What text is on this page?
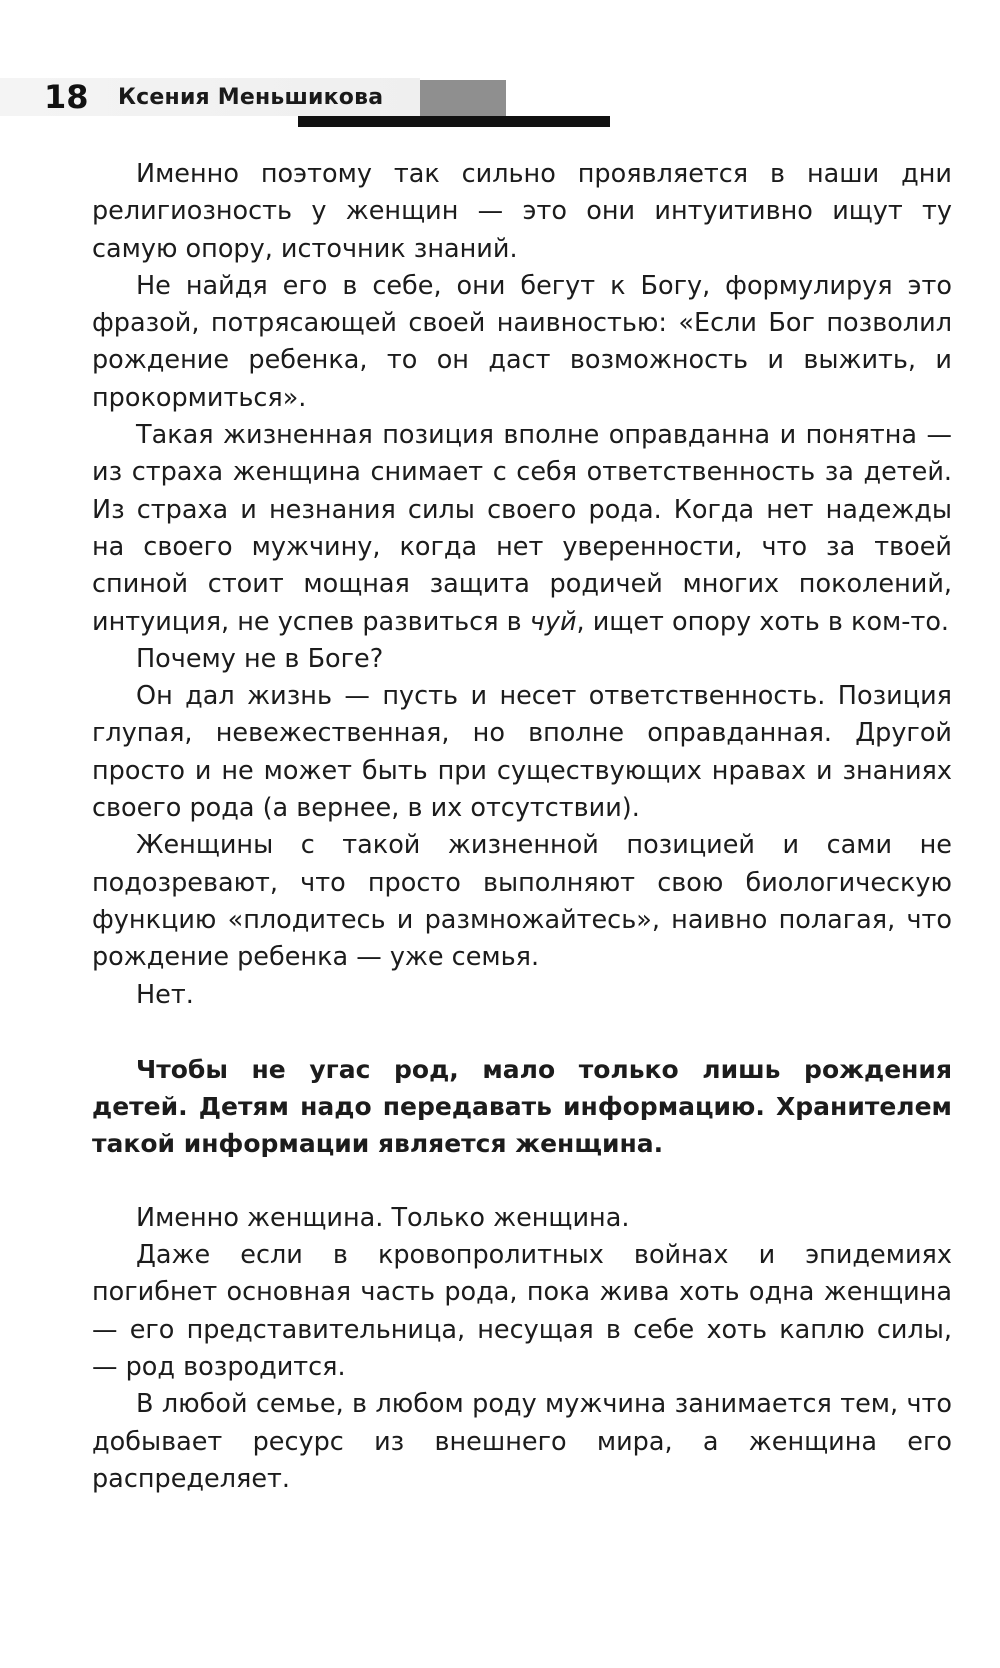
18 Ксения Меньшикова

Именно поэтому так сильно проявляется в наши дни религиозность у женщин — это они интуитивно ищут ту самую опору, источник знаний.

Не найдя его в себе, они бегут к Богу, формулируя это фразой, потрясающей своей наивностью: «Если Бог позволил рождение ребенка, то он даст возможность и выжить, и прокормиться».

Такая жизненная позиция вполне оправданна и понятна — из страха женщина снимает с себя ответственность за детей. Из страха и незнания силы своего рода. Когда нет надежды на своего мужчину, когда нет уверенности, что за твоей спиной стоит мощная защита родичей многих поколений, интуиция, не успев развиться в чуй, ищет опору хоть в ком-то.

Почему не в Боге?

Он дал жизнь — пусть и несет ответственность. Позиция глупая, невежественная, но вполне оправданная. Другой просто и не может быть при существующих нравах и знаниях своего рода (а вернее, в их отсутствии).

Женщины с такой жизненной позицией и сами не подозревают, что просто выполняют свою биологическую функцию «плодитесь и размножайтесь», наивно полагая, что рождение ребенка — уже семья.

Нет.

Чтобы не угас род, мало только лишь рождения детей. Детям надо передавать информацию. Хранителем такой информации является женщина.

Именно женщина. Только женщина.

Даже если в кровопролитных войнах и эпидемиях погибнет основная часть рода, пока жива хоть одна женщина — его представительница, несущая в себе хоть каплю силы, — род возродится.

В любой семье, в любом роду мужчина занимается тем, что добывает ресурс из внешнего мира, а женщина его распределяет.
